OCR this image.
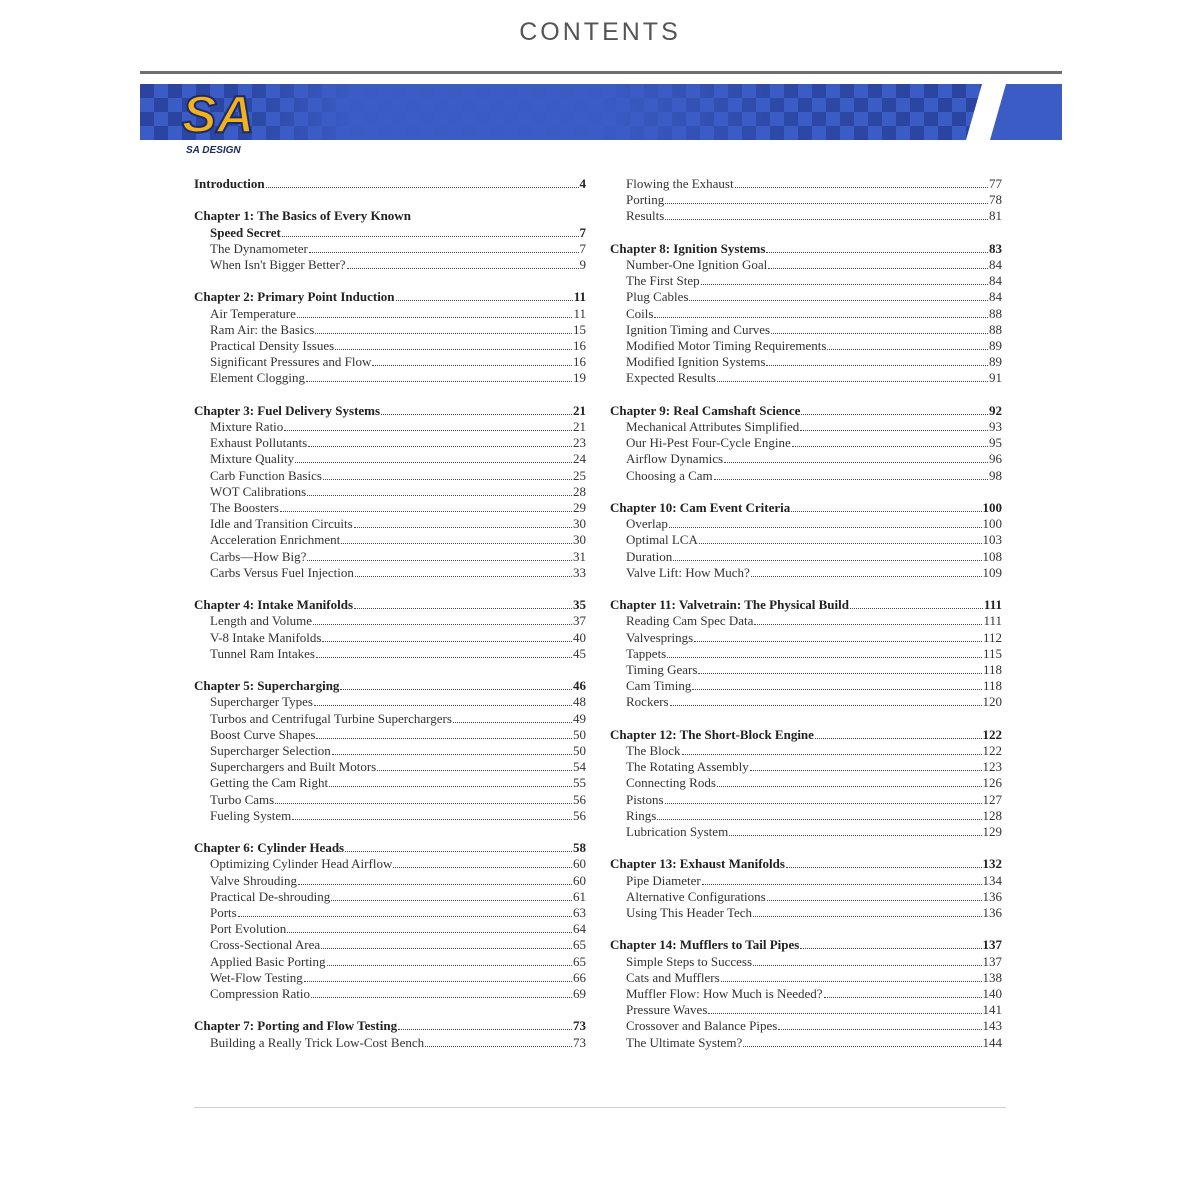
CONTENTS
SA
SA DESIGN
Introduction	4
Chapter 1: The Basics of Every Known
Speed Secret	7
The Dynamometer	7
When Isn't Bigger Better?	9
Chapter 2: Primary Point Induction	11
Air Temperature	11
Ram Air: the Basics	15
Practical Density Issues	16
Significant Pressures and Flow	16
Element Clogging	19
Chapter 3: Fuel Delivery Systems	21
Mixture Ratio	21
Exhaust Pollutants	23
Mixture Quality	24
Carb Function Basics	25
WOT Calibrations	28
The Boosters	29
Idle and Transition Circuits	30
Acceleration Enrichment	30
Carbs—How Big?	31
Carbs Versus Fuel Injection	33
Chapter 4: Intake Manifolds	35
Length and Volume	37
V-8 Intake Manifolds	40
Tunnel Ram Intakes	45
Chapter 5: Supercharging	46
Supercharger Types	48
Turbos and Centrifugal Turbine Superchargers	49
Boost Curve Shapes	50
Supercharger Selection	50
Superchargers and Built Motors	54
Getting the Cam Right	55
Turbo Cams	56
Fueling System	56
Chapter 6: Cylinder Heads	58
Optimizing Cylinder Head Airflow	60
Valve Shrouding	60
Practical De-shrouding	61
Ports	63
Port Evolution	64
Cross-Sectional Area	65
Applied Basic Porting	65
Wet-Flow Testing	66
Compression Ratio	69
Chapter 7: Porting and Flow Testing	73
Building a Really Trick Low-Cost Bench	73
Flowing the Exhaust	77
Porting	78
Results	81
Chapter 8: Ignition Systems	83
Number-One Ignition Goal	84
The First Step	84
Plug Cables	84
Coils	88
Ignition Timing and Curves	88
Modified Motor Timing Requirements	89
Modified Ignition Systems	89
Expected Results	91
Chapter 9: Real Camshaft Science	92
Mechanical Attributes Simplified	93
Our Hi-Pest Four-Cycle Engine	95
Airflow Dynamics	96
Choosing a Cam	98
Chapter 10: Cam Event Criteria	100
Overlap	100
Optimal LCA	103
Duration	108
Valve Lift: How Much?	109
Chapter 11: Valvetrain: The Physical Build	111
Reading Cam Spec Data	111
Valvesprings	112
Tappets	115
Timing Gears	118
Cam Timing	118
Rockers	120
Chapter 12: The Short-Block Engine	122
The Block	122
The Rotating Assembly	123
Connecting Rods	126
Pistons	127
Rings	128
Lubrication System	129
Chapter 13: Exhaust Manifolds	132
Pipe Diameter	134
Alternative Configurations	136
Using This Header Tech	136
Chapter 14: Mufflers to Tail Pipes	137
Simple Steps to Success	137
Cats and Mufflers	138
Muffler Flow: How Much is Needed?	140
Pressure Waves	141
Crossover and Balance Pipes	143
The Ultimate System?	144
